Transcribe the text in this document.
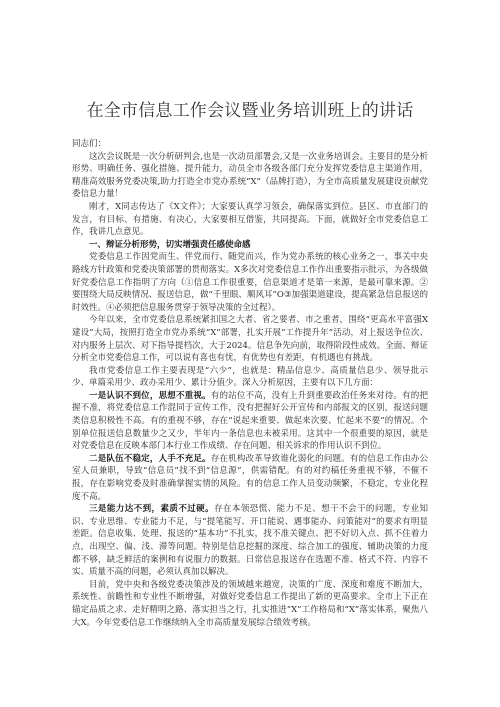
在全市信息工作会议暨业务培训班上的讲话

同志们：

这次会议既是一次分析研判会,也是一次动员部署会,又是一次业务培训会。主要目的是分析形势、明确任务、强化措施、提升能力，动员全市各级各部门充分发挥党委信息主渠道作用，精准高效服务党委决策,助力打造全市党办系统“X”（品牌打造），为全市高质量发展建设贡献党委信息力量！

刚才，X同志传达了《X文件》；大家要认真学习领会，确保落实到位。县区、市直部门的发言，有目标、有措施、有决心，大家要相互借鉴，共同提高。下面，就做好全市党委信息工作，我讲几点意见。

一、辩证分析形势，切实增强责任感使命感

党委信息工作因党而生、伴党而行、随党而兴，作为党办系统的核心业务之一，事关中央路线方针政策和党委决策部署的贯彻落实。X多次对党委信息工作作出重要指示批示，为各级做好党委信息工作指明了方向（①信息工作很重要，信息渠道才是第一来源，是最可靠来源。②要围绕大局反映情况、报送信息，做“千里眼、顺风耳”O③加强渠道建设，提高紧急信息报送的时效性。④必须把信息服务贯穿于领导决策的全过程）。

今年以来，全市党委信息系统紧扣国之大者、省之要者、市之重者，围绕“更高水平富强X建设”大局，按照打造全市党办系统“X”部署，扎实开展“工作提升年”活动，对上报送争位次、对内服务上层次、对下指导提档次，大于2024。信息争先向前，取得阶段性成效。全面、辩证分析全市党委信息工作，可以说有喜也有忧，有优势也有差距，有机遇也有挑战。

我市党委信息工作主要表现是“六少”，也就是：精品信息少、高质量信息少、领导批示少、单篇采用少、政办采用少、累计分值少。深入分析原因，主要有以下几方面：

一是认识不到位，思想不重视。有的站位不高，没有上升到重要政治任务来对待。有的把握不准，将党委信息工作混同于宣传工作，没有把握好公开宣传和内部报文的区别，报送问题类信息积极性不高。有的重视不够，存在“说起来重要、做起来次要、忙起来不要”的情况。个别单位报送信息数量少之又少，半年内一条信息也未被采用。这其中一个很重要的原因，就是对党委信息在反映本部门本行业工作成绩、存在问题、相关诉求的作用认识不到位。

二是队伍不稳定，人手不充足。存在机构改革导致谁化弱化的问题。有的信息工作由办公室人员兼职，导致“信息员”找不到“信息源”，供需错配。有的对约稿任务重视不够，不催不报，存在影响党委及时准确掌握实情的风险。有的信息工作人员变动频繁，不稳定，专业化程度不高。

三是能力达不到，素质不过硬。存在本领恐慌、能力不足、想干不会干的问题，专业知识、专业思维、专业能力不足，与“提笔能写、开口能说、遇事能办、问策能对”的要求有明显差距。信息收集、处理、报送的“基本功”不扎实，找不准关键点、把不好切入点、抓不住着力点，出现空、偏、浅、滞等问题。特别是信息挖掘的深度、综合加工的强度、辅助决策的力度都不够，缺乏鲜活的案例和有说服力的数据。日常信息报送存在选题不准、格式不符、内容不实、质量不高的问题，必须认真加以解决。

目前，党中央和各级党委决策涉及的领域越来越宽，决策的广度、深度和难度不断加大，系统性、前瞻性和专业性不断增强，对做好党委信息工作提出了新的更高要求。全市上下正在锚定品质之求、走好精明之路、落实担当之行，扎实推进“X”工作格局和“X”落实体系，聚焦八大X。今年党委信息工作继续纳入全市高质量发展综合绩效考核。
